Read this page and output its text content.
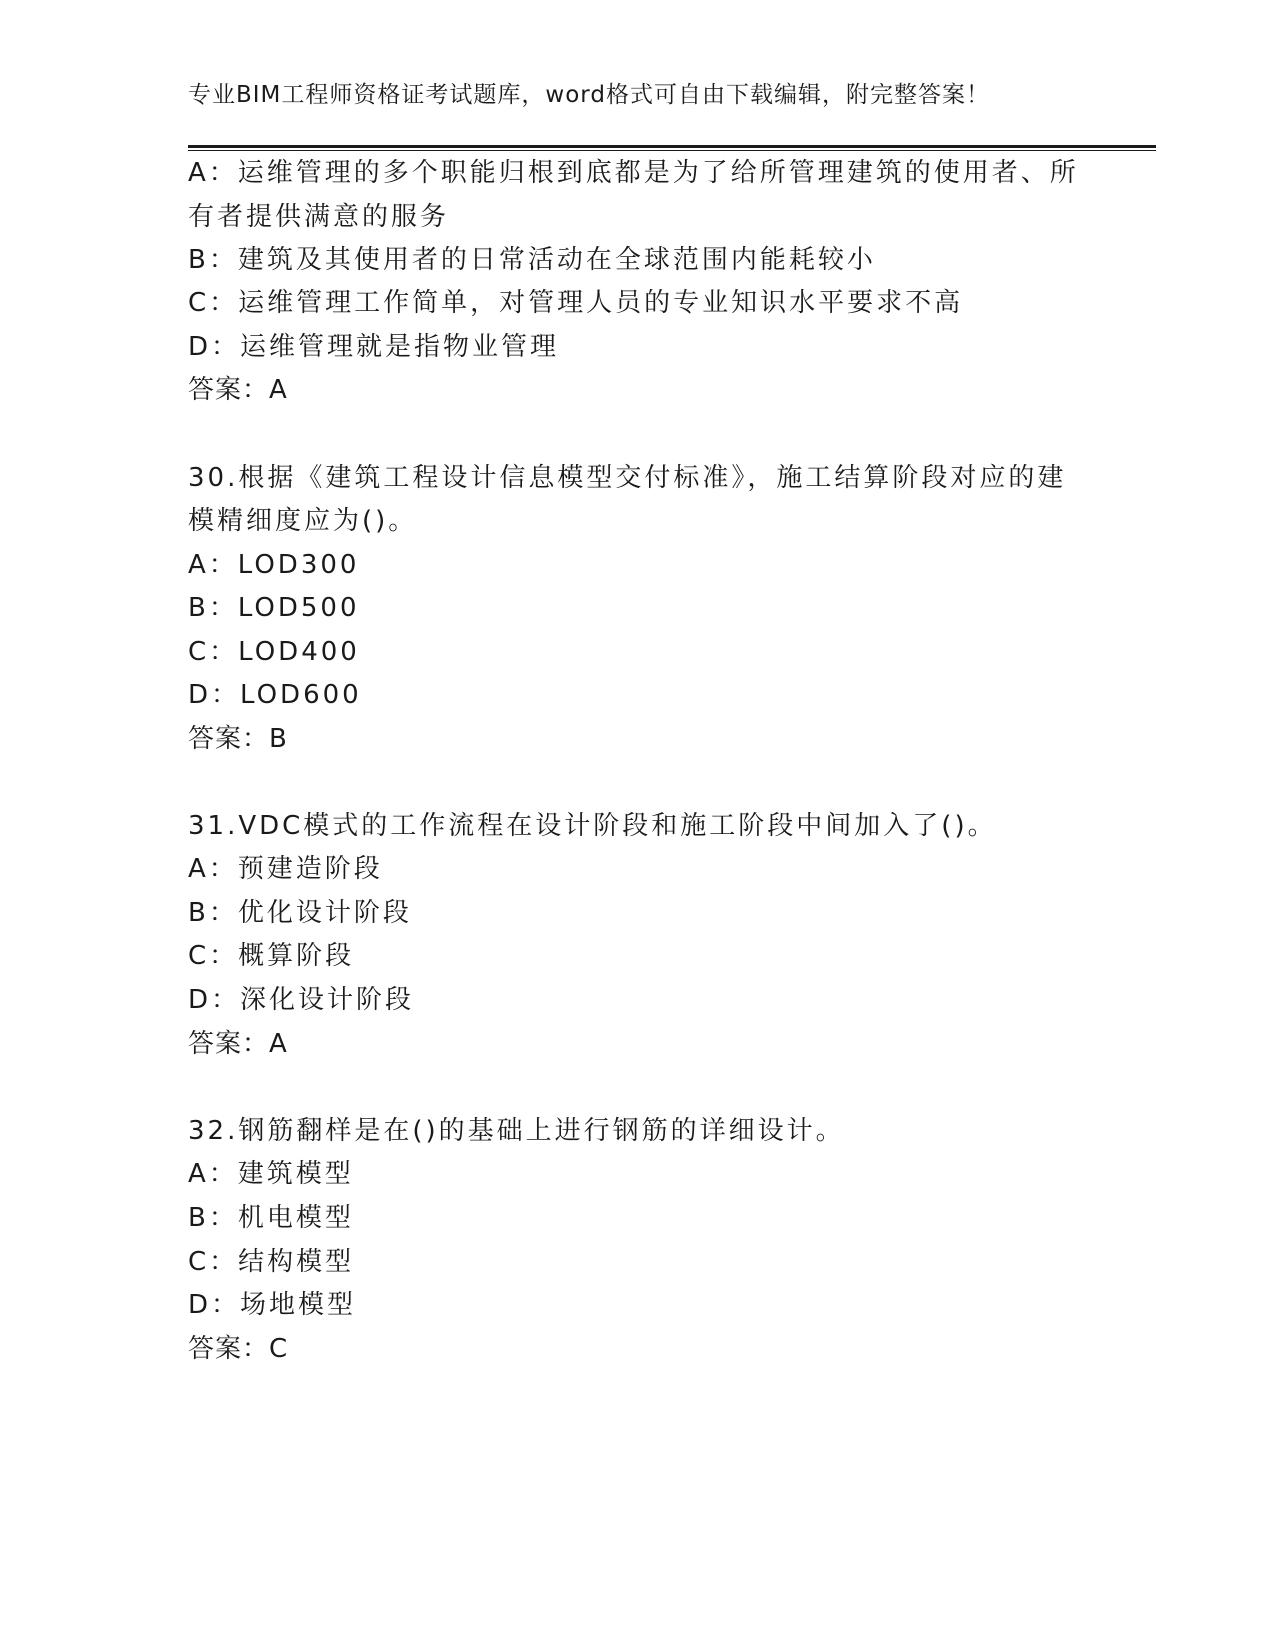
专业BIM工程师资格证考试题库，word格式可自由下载编辑，附完整答案！
A：运维管理的多个职能归根到底都是为了给所管理建筑的使用者、所
有者提供满意的服务
B：建筑及其使用者的日常活动在全球范围内能耗较小
C：运维管理工作简单，对管理人员的专业知识水平要求不高
D：运维管理就是指物业管理
答案：A
30.根据《建筑工程设计信息模型交付标准》，施工结算阶段对应的建
模精细度应为()。
A：LOD300
B：LOD500
C：LOD400
D：LOD600
答案：B
31.VDC模式的工作流程在设计阶段和施工阶段中间加入了()。
A：预建造阶段
B：优化设计阶段
C：概算阶段
D：深化设计阶段
答案：A
32.钢筋翻样是在()的基础上进行钢筋的详细设计。
A：建筑模型
B：机电模型
C：结构模型
D：场地模型
答案：C
